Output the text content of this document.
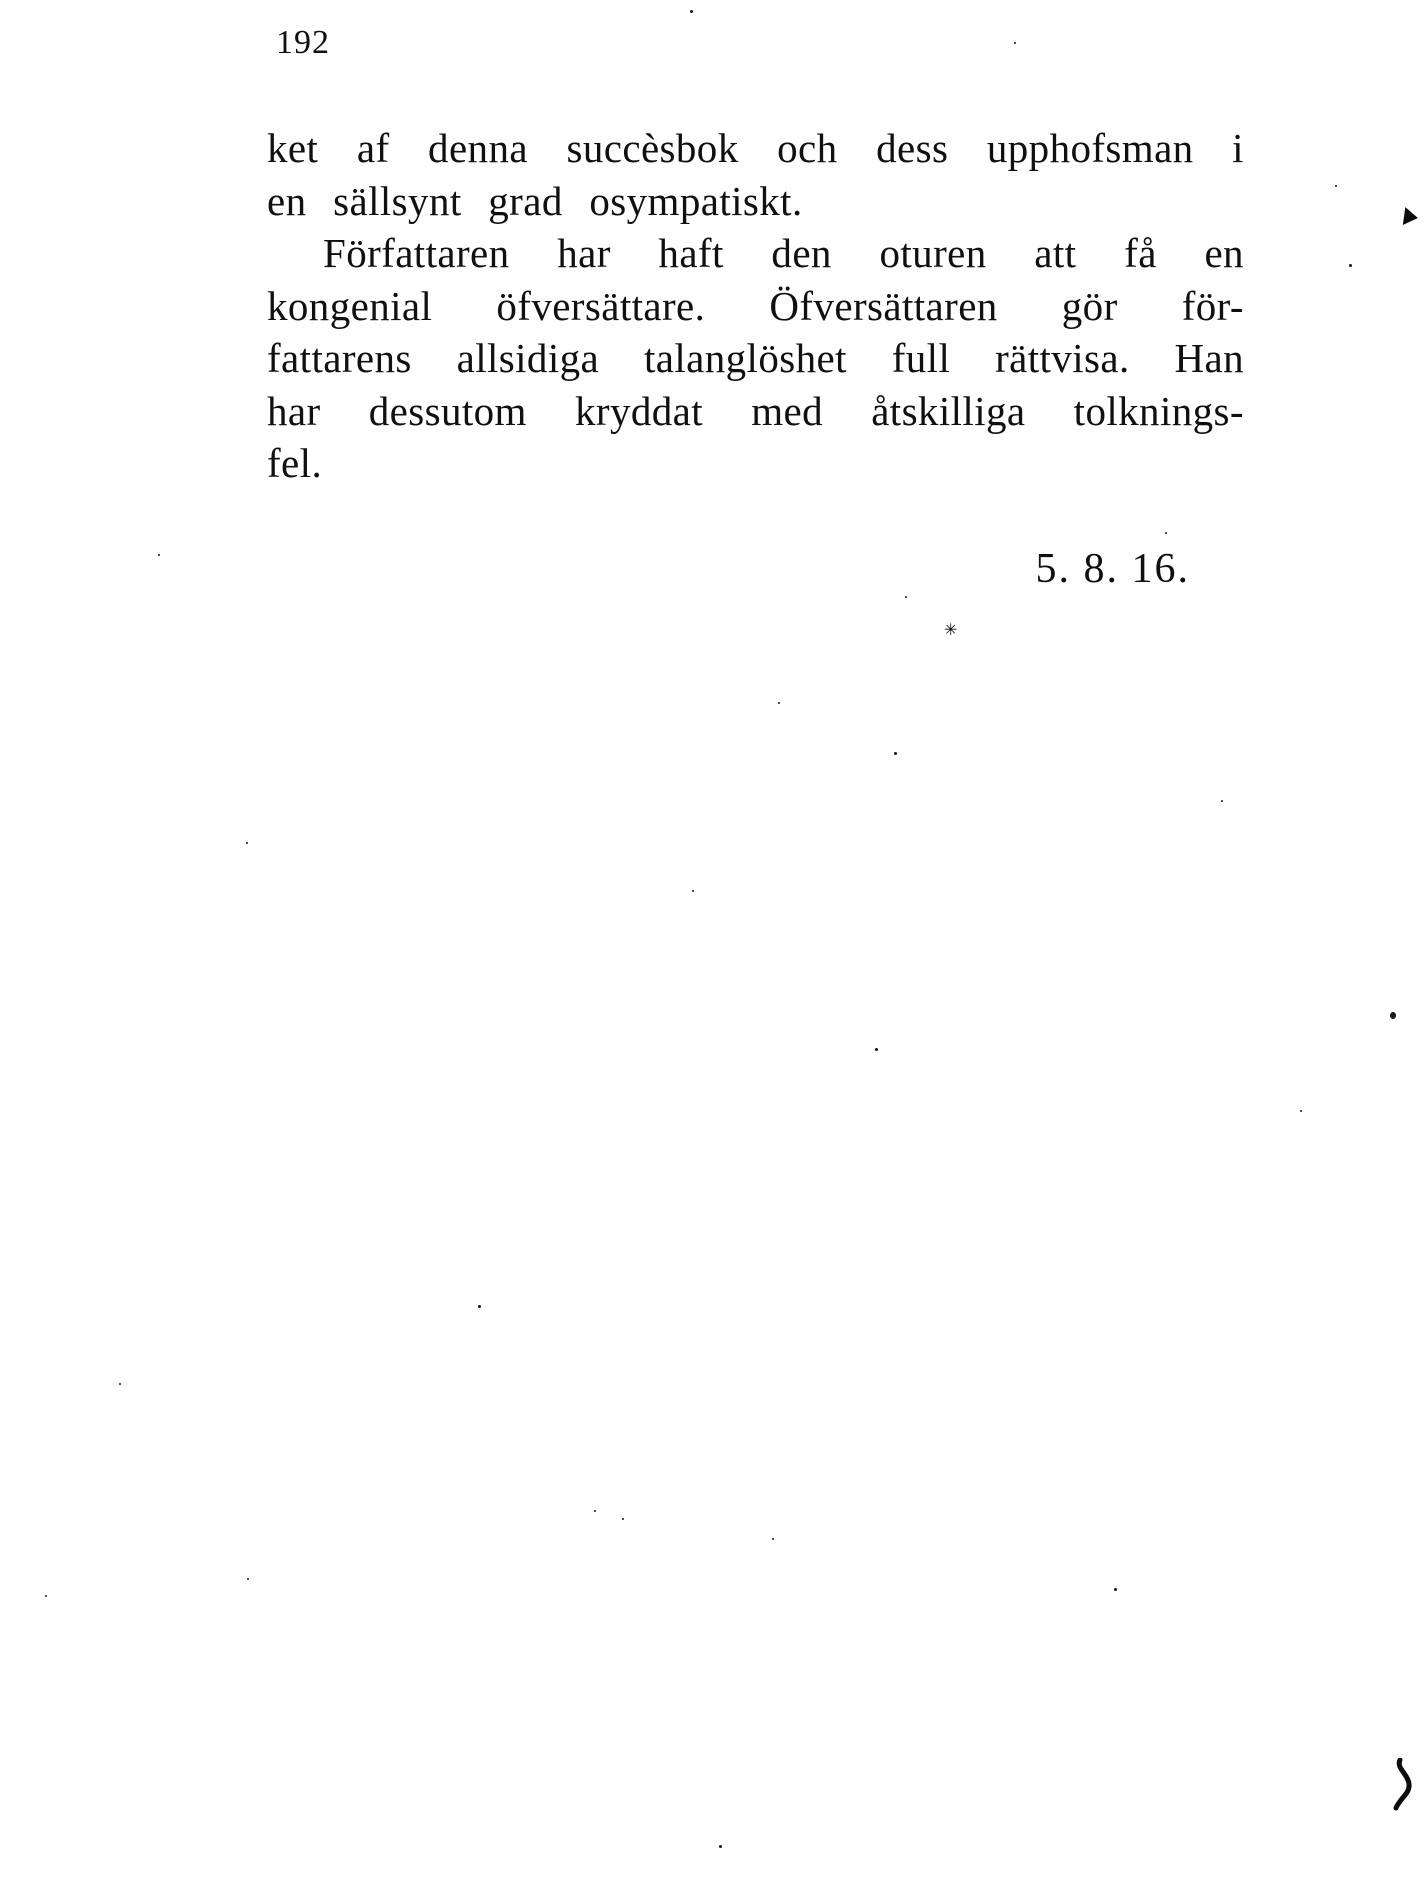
192
ket af denna succèsbok och dess upphofsman i
en sällsynt grad osympatiskt.
Författaren har haft den oturen att få en
kongenial öfversättare. Öfversättaren gör för-
fattarens allsidiga talanglöshet full rättvisa. Han
har dessutom kryddat med åtskilliga tolknings-
fel.
5. 8. 16.
✳
